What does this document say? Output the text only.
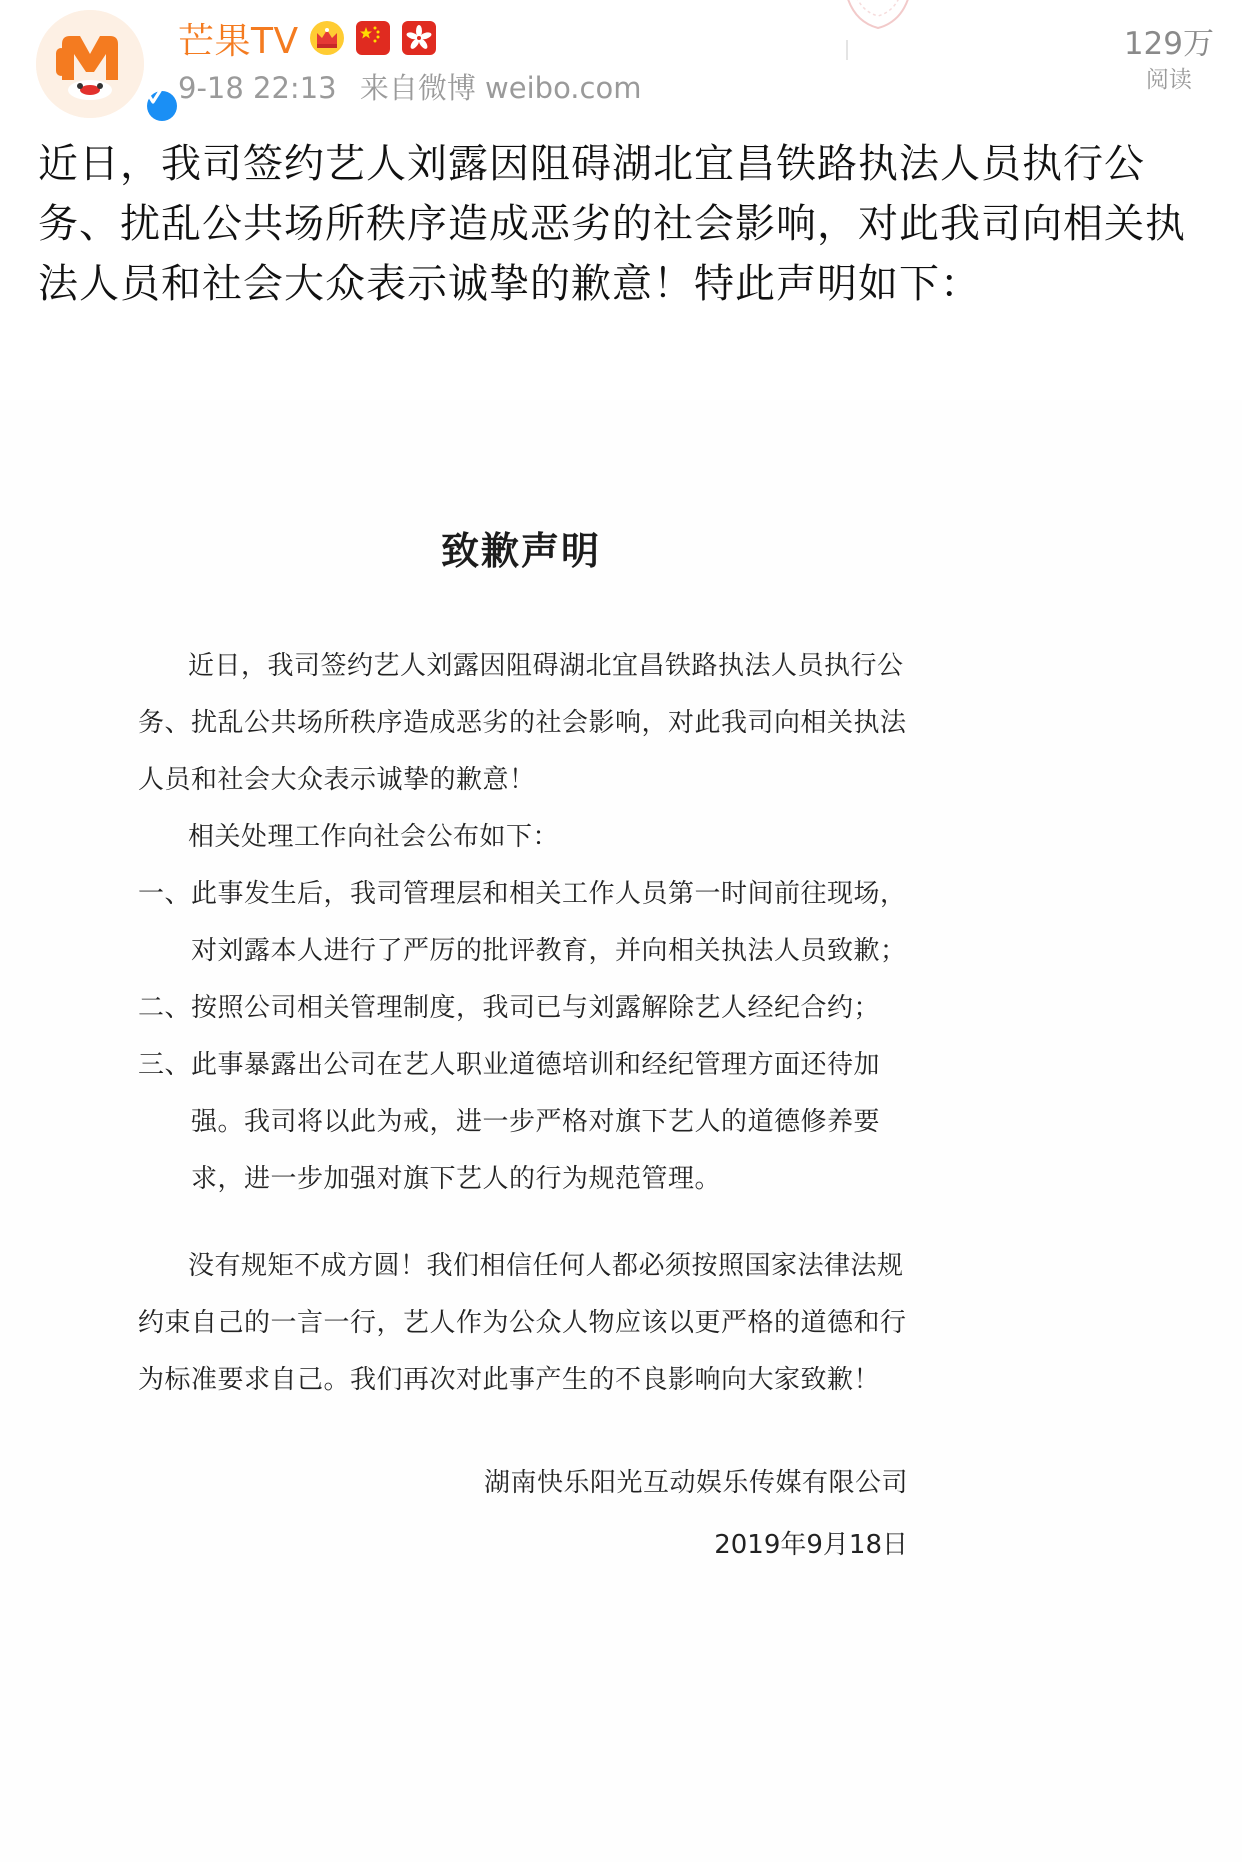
芒果TV
9-18 22:13 来自微博 weibo.com
129万
阅读
近日，我司签约艺人刘露因阻碍湖北宜昌铁路执法人员执行公务、扰乱公共场所秩序造成恶劣的社会影响，对此我司向相关执法人员和社会大众表示诚挚的歉意！特此声明如下：
致歉声明

近日，我司签约艺人刘露因阻碍湖北宜昌铁路执法人员执行公务、扰乱公共场所秩序造成恶劣的社会影响，对此我司向相关执法人员和社会大众表示诚挚的歉意！

相关处理工作向社会公布如下：

一、此事发生后，我司管理层和相关工作人员第一时间前往现场，对刘露本人进行了严厉的批评教育，并向相关执法人员致歉；

二、按照公司相关管理制度，我司已与刘露解除艺人经纪合约；

三、此事暴露出公司在艺人职业道德培训和经纪管理方面还待加强。我司将以此为戒，进一步严格对旗下艺人的道德修养要求，进一步加强对旗下艺人的行为规范管理。

没有规矩不成方圆！我们相信任何人都必须按照国家法律法规约束自己的一言一行，艺人作为公众人物应该以更严格的道德和行为标准要求自己。我们再次对此事产生的不良影响向大家致歉！

湖南快乐阳光互动娱乐传媒有限公司
2019年9月18日
